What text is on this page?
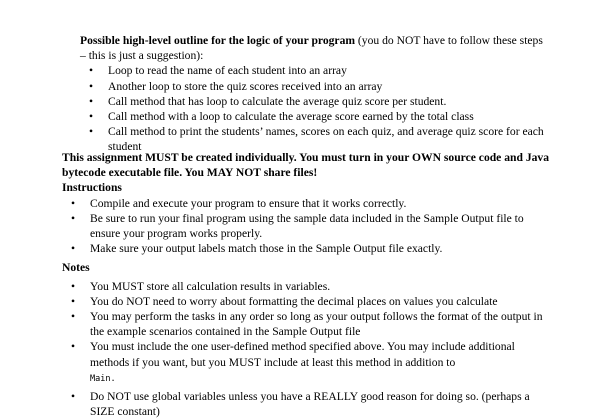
Possible high-level outline for the logic of your program (you do NOT have to follow these steps – this is just a suggestion):
• Loop to read the name of each student into an array
• Another loop to store the quiz scores received into an array
• Call method that has loop to calculate the average quiz score per student.
• Call method with a loop to calculate the average score earned by the total class
• Call method to print the students’ names, scores on each quiz, and average quiz score for each student
This assignment MUST be created individually. You must turn in your OWN source code and Java bytecode executable file. You MAY NOT share files!
Instructions
• Compile and execute your program to ensure that it works correctly.
• Be sure to run your final program using the sample data included in the Sample Output file to ensure your program works properly.
• Make sure your output labels match those in the Sample Output file exactly.
Notes
• You MUST store all calculation results in variables.
• You do NOT need to worry about formatting the decimal places on values you calculate
• You may perform the tasks in any order so long as your output follows the format of the output in the example scenarios contained in the Sample Output file
• You must include the one user-defined method specified above. You may include additional methods if you want, but you MUST include at least this method in addition to
Main.
• Do NOT use global variables unless you have a REALLY good reason for doing so. (perhaps a SIZE constant)
